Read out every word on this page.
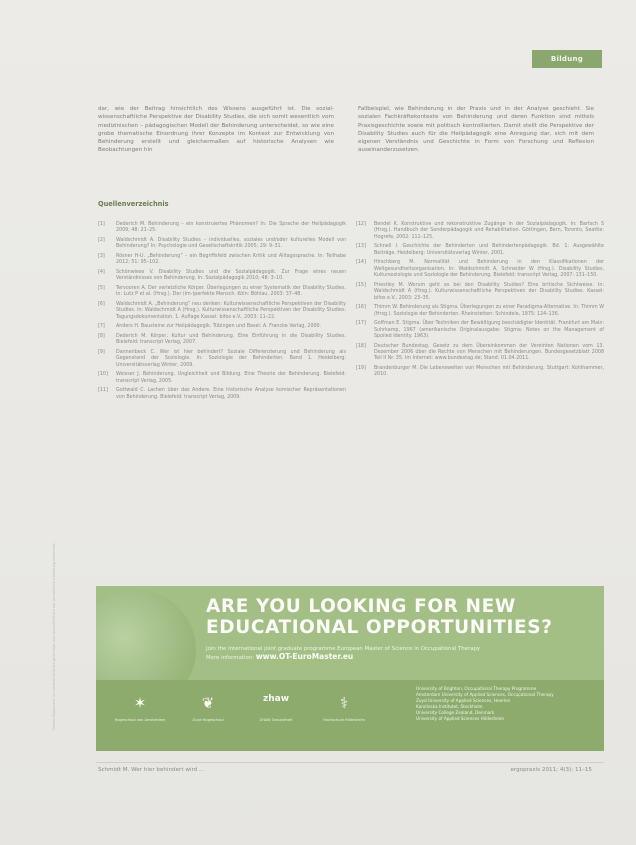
Bildung
Dieses Dokument ist urheberrechtlich geschützt und ausschließlich zur persönlichen Nutzung bestimmt.
dar, wie der Beitrag hinsichtlich des Wissens ausgeführt ist. Die sozial-wissenschaftliche Perspektive der Disability Studies, die sich somit wesentlich vom medizinischen – pädagogischen Modell der Behinderung unterscheidet, so wie eine grobe thematische Einordnung ihrer Konzepte im Kontext zur Entwicklung von Behinderung erstellt und gleichermaßen auf historische Analysen wie Beobachtungen hin
Fallbeispiel, wie Behinderung in der Praxis und in der Analyse geschieht. Sie sozialen Fachkräftekontexte von Behinderung und deren Funktion sind mittels Praxisgeschichte sowie mit politisch kontrollierten. Damit stellt die Perspektive der Disability Studies auch für die Heilpädagogik eine Anregung dar, sich mit dem eigenen Verständnis und Geschichte in Form von Forschung und Reflexion auseinanderzusetzen.
Quellenverzeichnis
[1]	Dederich M. Behinderung – ein konstruiertes Phänomen? In: Die Sprache der Heilpädagogik 2009; 48: 21–25.
[2]	Waldschmidt A. Disability Studies – individuelles, soziales und/oder kulturelles Modell von Behinderung? In: Psychologie und Gesellschaftskritik 2005; 29: 9–31.
[3]	Rösner H-U. „Behinderung“ – ein Begriffsfeld zwischen Kritik und Alltagssprache. In: Teilhabe 2012; 51: 95–102.
[4]	Schönwiese V. Disability Studies und die Sozialpädagogik. Zur Frage eines neuen Verständnisses von Behinderung. In: Sozialpädagogik 2010; 48: 3–10.
[5]	Tervooren A. Der verletzliche Körper. Überlegungen zu einer Systematik der Disability Studies. In: Lutz P et al. (Hrsg.). Der (im-)perfekte Mensch. Köln: Böhlau, 2003: 37–48.
[6]	Waldschmidt A. „Behinderung“ neu denken: Kulturwissenschaftliche Perspektiven der Disability Studies. In: Waldschmidt A (Hrsg.). Kulturwissenschaftliche Perspektiven der Disability Studies. Tagungsdokumentation. 1. Auflage Kassel: bifos e.V., 2003: 11–22.
[7]	Anders H. Bausteine zur Heilpädagogik. Tübingen und Basel: A. Francke Verlag, 2000.
[8]	Dederich M. Körper, Kultur und Behinderung. Eine Einführung in die Disability Studies. Bielefeld: transcript Verlag, 2007.
[9]	Dannenbeck C. Wer ist hier behindert? Soziale Differenzierung und Behinderung als Gegenstand der Soziologie. In: Soziologie der Behinderten. Band 1. Heidelberg: Universitätsverlag Winter, 2009.
[10]	Weisser J. Behinderung, Ungleichheit und Bildung. Eine Theorie der Behinderung. Bielefeld: transcript Verlag, 2005.
[11]	Gottwald C. Lachen über das Andere. Eine historische Analyse komischer Repräsentationen von Behinderung. Bielefeld: transcript Verlag, 2009.
[12]	Bendel K. Konstruktive und rekonstruktive Zugänge in der Sozialpädagogik. In: Bartsch S (Hrsg.). Handbuch der Sonderpädagogik und Rehabilitation. Göttingen, Bern, Toronto, Seattle: Hogrefe, 2002: 111–125.
[13]	Schnell I. Geschichte der Behinderten und Behindertenpädagogik. Bd. 1: Ausgewählte Beiträge. Heidelberg: Universitätsverlag Winter, 2001.
[14]	Hirschberg M. Normalität und Behinderung in den Klassifikationen der Weltgesundheitsorganisation. In: Waldschmidt A, Schneider W (Hrsg.). Disability Studies, Kultursoziologie und Soziologie der Behinderung. Bielefeld: transcript Verlag, 2007: 131–150.
[15]	Priestley M. Worum geht es bei den Disability Studies? Eine britische Sichtweise. In: Waldschmidt A (Hrsg.). Kulturwissenschaftliche Perspektiven der Disability Studies. Kassel: bifos e.V., 2003: 23–35.
[16]	Thimm W. Behinderung als Stigma. Überlegungen zu einer Paradigma-Alternative. In: Thimm W (Hrsg.). Soziologie der Behinderten. Rheinstetten: Schindele, 1975: 124–136.
[17]	Goffman E. Stigma. Über Techniken der Bewältigung beschädigter Identität. Frankfurt am Main: Suhrkamp, 1967 (amerikanische Originalausgabe: Stigma: Notes on the Management of Spoiled Identity. 1963).
[18]	Deutscher Bundestag. Gesetz zu dem Übereinkommen der Vereinten Nationen vom 13. Dezember 2006 über die Rechte von Menschen mit Behinderungen. Bundesgesetzblatt 2008 Teil II Nr. 35. Im Internet: www.bundestag.de; Stand: 01.04.2011.
[19]	Brandenburger M. Die Lebenswelten von Menschen mit Behinderung. Stuttgart: Kohlhammer, 2010.
ARE YOU LOOKING FOR NEW EDUCATIONAL OPPORTUNITIES?
Join the international joint graduate programme European Master of Science in Occupational Therapy
More information: www.OT-EuroMaster.eu
✶
Hogeschool van Amsterdam
❦
Zuyd Hogeschool
zhaw
ZHAW Gesundheit
⚕
Hochschule Hildesheim
University of Brighton, Occupational Therapy Programme
Amsterdam University of Applied Sciences, Occupational Therapy
Zuyd University of Applied Sciences, Heerlen
Karolinska Institutet, Stockholm
University College Zealand, Denmark
University of Applied Sciences Hildesheim
Schmidt M. Wer hier behindert wird …	ergopraxis 2011; 4(3): 11–15
